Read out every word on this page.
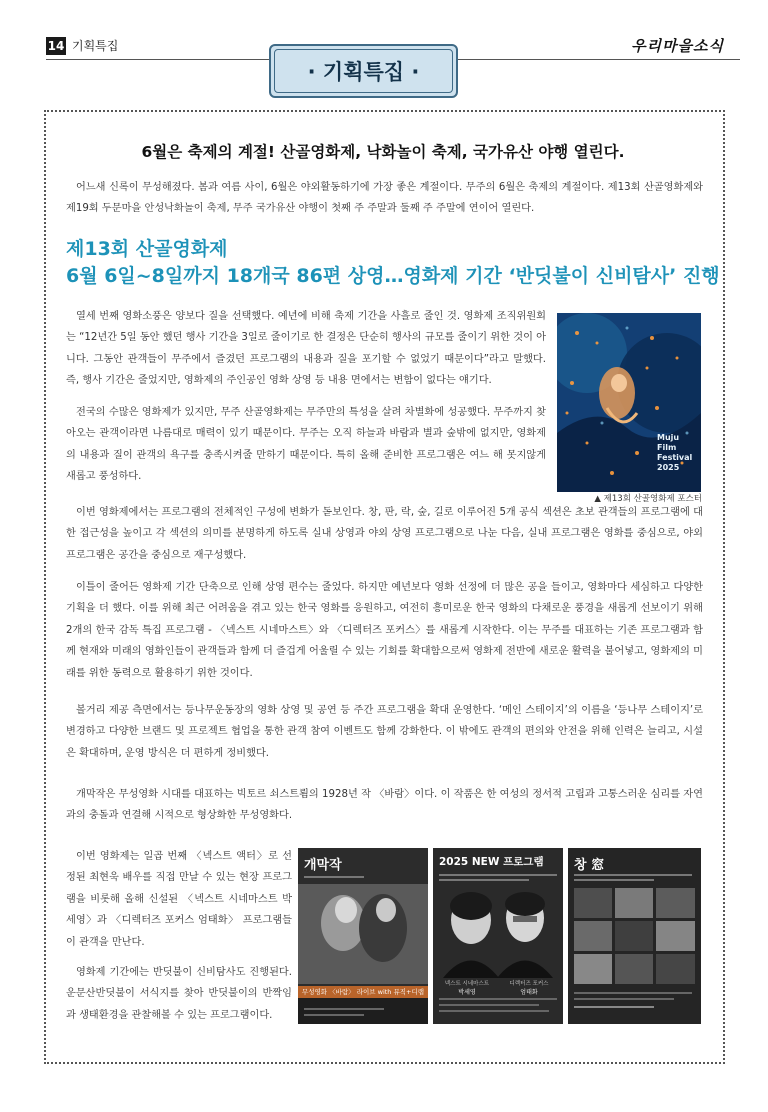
14 기획특집	우리마을소식
· 기획특집 ·
6월은 축제의 계절! 산골영화제, 낙화놀이 축제, 국가유산 야행 열린다.

어느새 신록이 무성해졌다. 봄과 여름 사이, 6월은 야외활동하기에 가장 좋은 계절이다. 무주의 6월은 축제의 계절이다. 제13회 산골영화제와 제19회 두문마을 안성낙화놀이 축제, 무주 국가유산 야행이 첫째 주 주말과 둘째 주 주말에 연이어 열린다.

제13회 산골영화제
6월 6일~8일까지 18개국 86편 상영…영화제 기간 ‘반딧불이 신비탐사’ 진행

열세 번째 영화소풍은 양보다 질을 선택했다. 예년에 비해 축제 기간을 사흘로 줄인 것. 영화제 조직위원회는 “12년간 5일 동안 했던 행사 기간을 3일로 줄이기로 한 결정은 단순히 행사의 규모를 줄이기 위한 것이 아니다. 그동안 관객들이 무주에서 즐겼던 프로그램의 내용과 질을 포기할 수 없었기 때문이다”라고 말했다. 즉, 행사 기간은 줄었지만, 영화제의 주인공인 영화 상영 등 내용 면에서는 변함이 없다는 얘기다.

전국의 수많은 영화제가 있지만, 무주 산골영화제는 무주만의 특성을 살려 차별화에 성공했다. 무주까지 찾아오는 관객이라면 나름대로 매력이 있기 때문이다. 무주는 오직 하늘과 바람과 별과 숲밖에 없지만, 영화제의 내용과 질이 관객의 욕구를 충족시켜줄 만하기 때문이다. 특히 올해 준비한 프로그램은 여느 해 못지않게 새롭고 풍성하다.

Muju Film Festival 2025
▲ 제13회 산골영화제 포스터

이번 영화제에서는 프로그램의 전체적인 구성에 변화가 돋보인다. 창, 판, 락, 숲, 길로 이루어진 5개 공식 섹션은 초보 관객들의 프로그램에 대한 접근성을 높이고 각 섹션의 의미를 분명하게 하도록 실내 상영과 야외 상영 프로그램으로 나눈 다음, 실내 프로그램은 영화를 중심으로, 야외 프로그램은 공간을 중심으로 재구성했다.

이틀이 줄어든 영화제 기간 단축으로 인해 상영 편수는 줄었다. 하지만 예년보다 영화 선정에 더 많은 공을 들이고, 영화마다 세심하고 다양한 기획을 더 했다. 이를 위해 최근 어려움을 겪고 있는 한국 영화를 응원하고, 여전히 흥미로운 한국 영화의 다채로운 풍경을 새롭게 선보이기 위해 2개의 한국 감독 특집 프로그램 - 〈넥스트 시네마스트〉와 〈디렉터즈 포커스〉를 새롭게 시작한다. 이는 무주를 대표하는 기존 프로그램과 함께 현재와 미래의 영화인들이 관객들과 함께 더 즐겁게 어울릴 수 있는 기회를 확대함으로써 영화제 전반에 새로운 활력을 불어넣고, 영화제의 미래를 위한 동력으로 활용하기 위한 것이다.

볼거리 제공 측면에서는 등나무운동장의 영화 상영 및 공연 등 주간 프로그램을 확대 운영한다. ‘메인 스테이지’의 이름을 ‘등나무 스테이지’로 변경하고 다양한 브랜드 및 프로젝트 협업을 통한 관객 참여 이벤트도 함께 강화한다. 이 밖에도 관객의 편의와 안전을 위해 인력은 늘리고, 시설은 확대하며, 운영 방식은 더 편하게 정비했다.

개막작은 무성영화 시대를 대표하는 빅토르 쇠스트룀의 1928년 작 〈바람〉이다. 이 작품은 한 여성의 정서적 고립과 고통스러운 심리를 자연과의 충돌과 연결해 시적으로 형상화한 무성영화다.

이번 영화제는 일곱 번째 〈넥스트 액터〉로 선정된 최현욱 배우를 직접 만날 수 있는 현장 프로그램을 비롯해 올해 신설된 〈넥스트 시네마스트 박세영〉과 〈디렉터즈 포커스 엄태화〉 프로그램들이 관객을 만난다.

영화제 기간에는 반딧불이 신비탐사도 진행된다. 운문산반딧불이 서식지를 찾아 반딧불이의 반짝임과 생태환경을 관찰해볼 수 있는 프로그램이다.

개막작
무성영화 〈바람〉 라이브 with 뮤직+디랩
2025 NEW 프로그램
넥스트 시네마스트
박세영
디렉터즈 포커스
엄태화
창 窓
